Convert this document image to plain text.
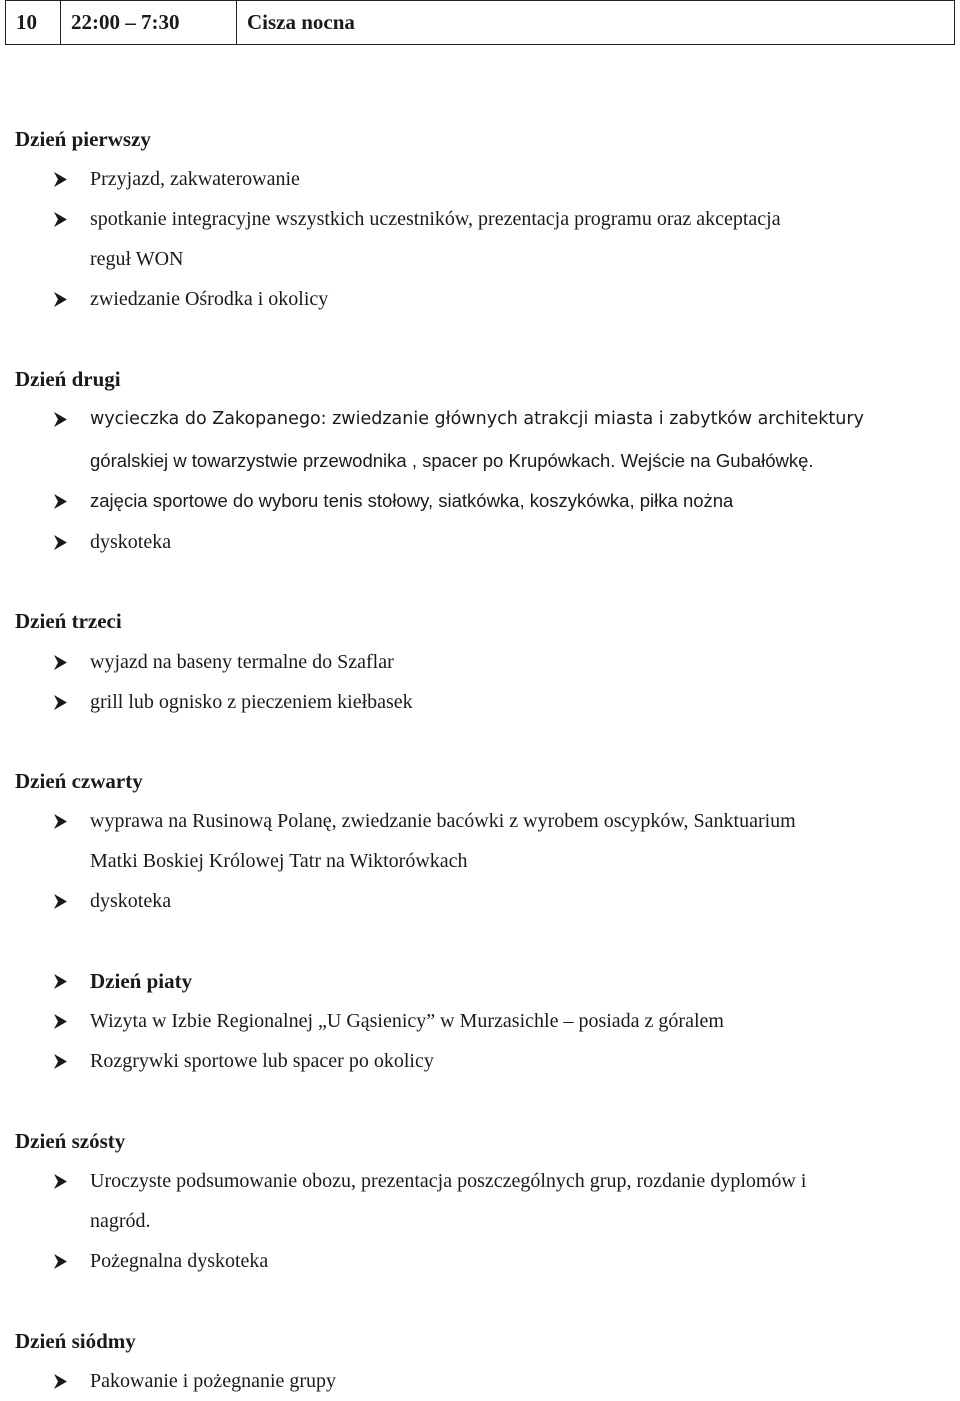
10	22:00 – 7:30	Cisza nocna
Dzień pierwszy
Przyjazd, zakwaterowanie
spotkanie integracyjne wszystkich uczestników, prezentacja programu oraz akceptacja
reguł WON
zwiedzanie Ośrodka i okolicy
Dzień drugi
wycieczka do Zakopanego: zwiedzanie głównych atrakcji miasta i zabytków architektury
góralskiej w towarzystwie przewodnika , spacer po Krupówkach. Wejście na Gubałówkę.
zajęcia sportowe do wyboru tenis stołowy, siatkówka, koszykówka, piłka nożna
dyskoteka
Dzień trzeci
wyjazd na baseny termalne do Szaflar
grill lub ognisko z pieczeniem kiełbasek
Dzień czwarty
wyprawa na Rusinową Polanę, zwiedzanie bacówki z wyrobem oscypków, Sanktuarium
Matki Boskiej Królowej Tatr na Wiktorówkach
dyskoteka
Dzień piaty
Wizyta w Izbie Regionalnej „U Gąsienicy” w Murzasichle – posiada z góralem
Rozgrywki sportowe lub spacer po okolicy
Dzień szósty
Uroczyste podsumowanie obozu, prezentacja poszczególnych grup, rozdanie dyplomów i
nagród.
Pożegnalna dyskoteka
Dzień siódmy
Pakowanie i pożegnanie grupy
